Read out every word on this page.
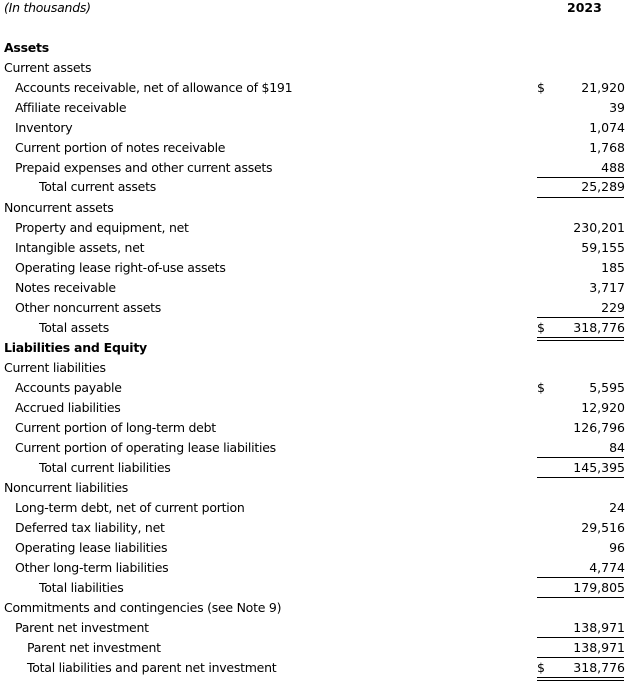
(In thousands)	2023
Assets
Current assets
Accounts receivable, net of allowance of $191	$	21,920
Affiliate receivable	39
Inventory	1,074
Current portion of notes receivable	1,768
Prepaid expenses and other current assets	488
Total current assets	25,289
Noncurrent assets
Property and equipment, net	230,201
Intangible assets, net	59,155
Operating lease right-of-use assets	185
Notes receivable	3,717
Other noncurrent assets	229
Total assets	$ 318,776
Liabilities and Equity
Current liabilities
Accounts payable	$	5,595
Accrued liabilities	12,920
Current portion of long-term debt	126,796
Current portion of operating lease liabilities	84
Total current liabilities	145,395
Noncurrent liabilities
Long-term debt, net of current portion	24
Deferred tax liability, net	29,516
Operating lease liabilities	96
Other long-term liabilities	4,774
Total liabilities	179,805
Commitments and contingencies (see Note 9)
Parent net investment	138,971
Parent net investment	138,971
Total liabilities and parent net investment	$ 318,776
